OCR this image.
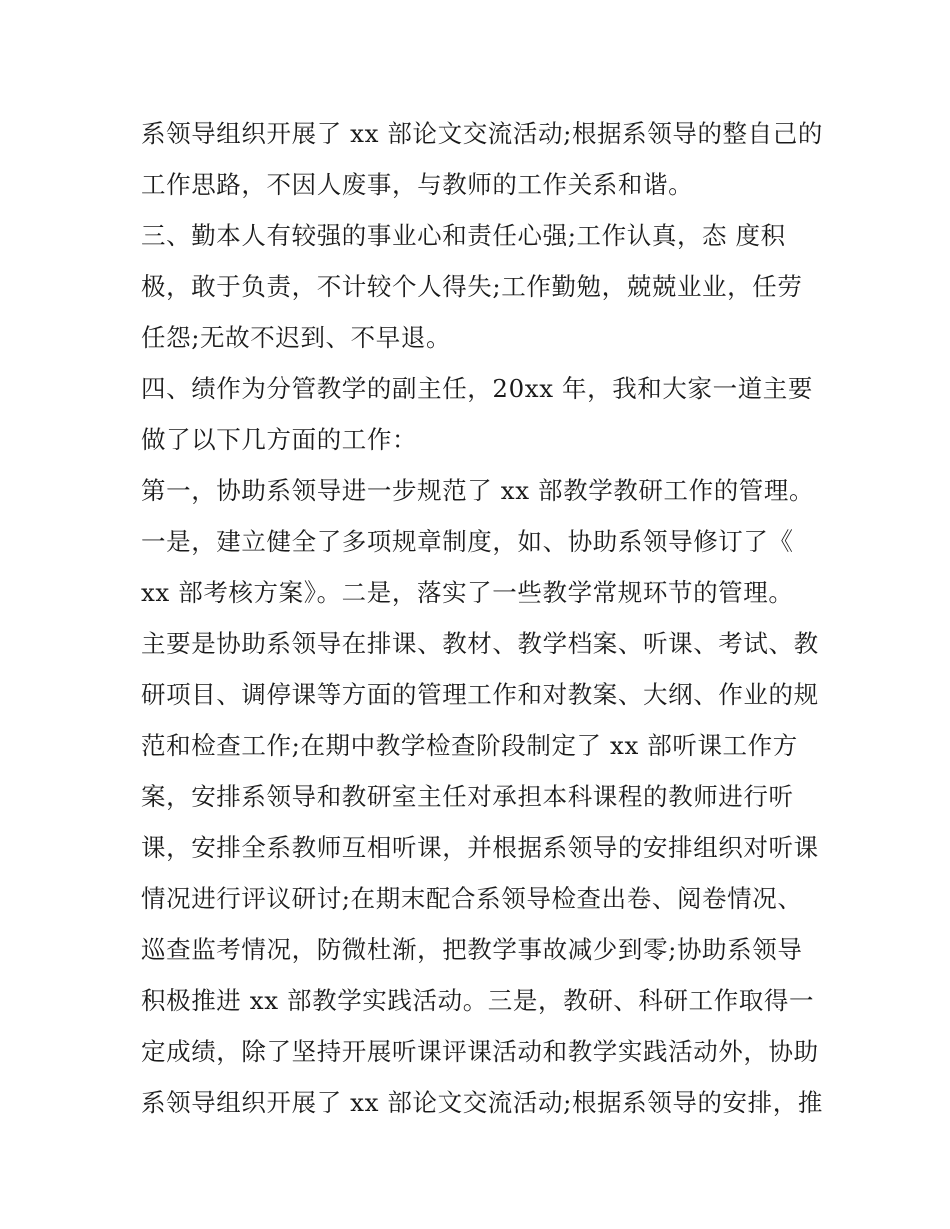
系领导组织开展了 xx 部论文交流活动;根据系领导的整自己的
工作思路，不因人废事，与教师的工作关系和谐。
三、勤本人有较强的事业心和责任心强;工作认真，态 度积
极，敢于负责，不计较个人得失;工作勤勉，兢兢业业，任劳
任怨;无故不迟到、不早退。
四、绩作为分管教学的副主任，20xx 年，我和大家一道主要
做了以下几方面的工作：
第一，协助系领导进一步规范了 xx 部教学教研工作的管理。
一是，建立健全了多项规章制度，如、协助系领导修订了《
xx 部考核方案》。二是，落实了一些教学常规环节的管理。
主要是协助系领导在排课、教材、教学档案、听课、考试、教
研项目、调停课等方面的管理工作和对教案、大纲、作业的规
范和检查工作;在期中教学检查阶段制定了 xx 部听课工作方
案，安排系领导和教研室主任对承担本科课程的教师进行听
课，安排全系教师互相听课，并根据系领导的安排组织对听课
情况进行评议研讨;在期末配合系领导检查出卷、阅卷情况、
巡查监考情况，防微杜渐，把教学事故减少到零;协助系领导
积极推进 xx 部教学实践活动。三是，教研、科研工作取得一
定成绩，除了坚持开展听课评课活动和教学实践活动外，协助
系领导组织开展了 xx 部论文交流活动;根据系领导的安排，推
